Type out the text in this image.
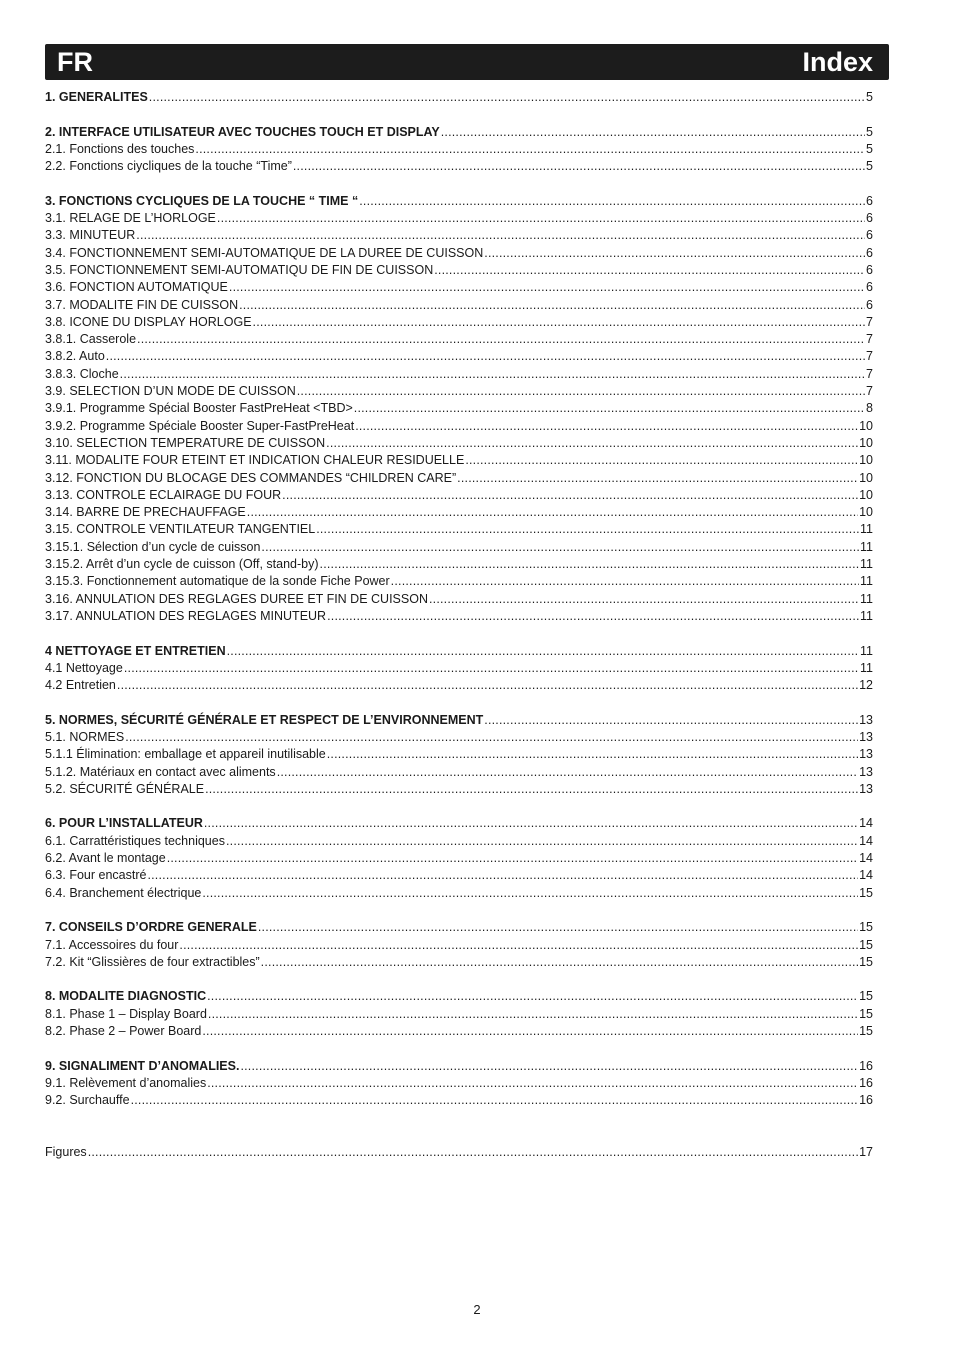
FR	Index
1. GENERALITES .....	5
2. INTERFACE UTILISATEUR AVEC TOUCHES TOUCH ET DISPLAY .....	5
2.1. Fonctions des touches .....	5
2.2. Fonctions ciycliques de la touche “Time” .....	5
3. FONCTIONS CYCLIQUES DE LA TOUCHE “ TIME “ .....	6
3.1. RELAGE DE L’HORLOGE .....	6
3.3. MINUTEUR .....	6
3.4. FONCTIONNEMENT SEMI-AUTOMATIQUE DE LA DUREE DE CUISSON .....	6
3.5. FONCTIONNEMENT SEMI-AUTOMATIQU DE FIN DE CUISSON .....	6
3.6. FONCTION AUTOMATIQUE .....	6
3.7. MODALITE FIN DE CUISSON .....	6
3.8. ICONE DU DISPLAY HORLOGE .....	7
3.8.1. Casserole .....	7
3.8.2. Auto .....	7
3.8.3. Cloche .....	7
3.9. SELECTION D’UN MODE DE CUISSON .....	7
3.9.1. Programme Spécial Booster FastPreHeat <TBD> .....	8
3.9.2. Programme Spéciale Booster Super-FastPreHeat .....	10
3.10. SELECTION TEMPERATURE DE CUISSON .....	10
3.11. MODALITE FOUR ETEINT ET INDICATION CHALEUR RESIDUELLE .....	10
3.12. FONCTION DU BLOCAGE DES COMMANDES “CHILDREN CARE” .....	10
3.13. CONTROLE ECLAIRAGE DU FOUR .....	10
3.14. BARRE DE PRECHAUFFAGE .....	10
3.15. CONTROLE VENTILATEUR TANGENTIEL .....	11
3.15.1. Sélection d’un cycle de cuisson .....	11
3.15.2. Arrêt d’un cycle de cuisson (Off, stand-by) .....	11
3.15.3. Fonctionnement automatique de la sonde Fiche Power .....	11
3.16. ANNULATION DES REGLAGES DUREE ET FIN DE CUISSON .....	11
3.17. ANNULATION DES REGLAGES MINUTEUR .....	11
4 NETTOYAGE ET ENTRETIEN .....	11
4.1 Nettoyage .....	11
4.2 Entretien .....	12
5. NORMES, SÉCURITÉ GÉNÉRALE ET RESPECT DE L’ENVIRONNEMENT .....	13
5.1. NORMES .....	13
5.1.1 Élimination: emballage et appareil inutilisable .....	13
5.1.2. Matériaux en contact avec aliments .....	13
5.2. SÉCURITÉ GÉNÉRALE .....	13
6. POUR L’INSTALLATEUR .....	14
6.1. Carrattéristiques techniques .....	14
6.2. Avant le montage .....	14
6.3. Four encastré .....	14
6.4. Branchement électrique .....	15
7. CONSEILS D’ORDRE GENERALE .....	15
7.1. Accessoires du four .....	15
7.2. Kit “Glissières de four extractibles” .....	15
8. MODALITE DIAGNOSTIC .....	15
8.1. Phase 1 – Display Board .....	15
8.2. Phase 2 – Power Board .....	15
9. SIGNALIMENT D’ANOMALIES. .....	16
9.1. Relèvement d’anomalies .....	16
9.2. Surchauffe .....	16
Figures .....	17
2
